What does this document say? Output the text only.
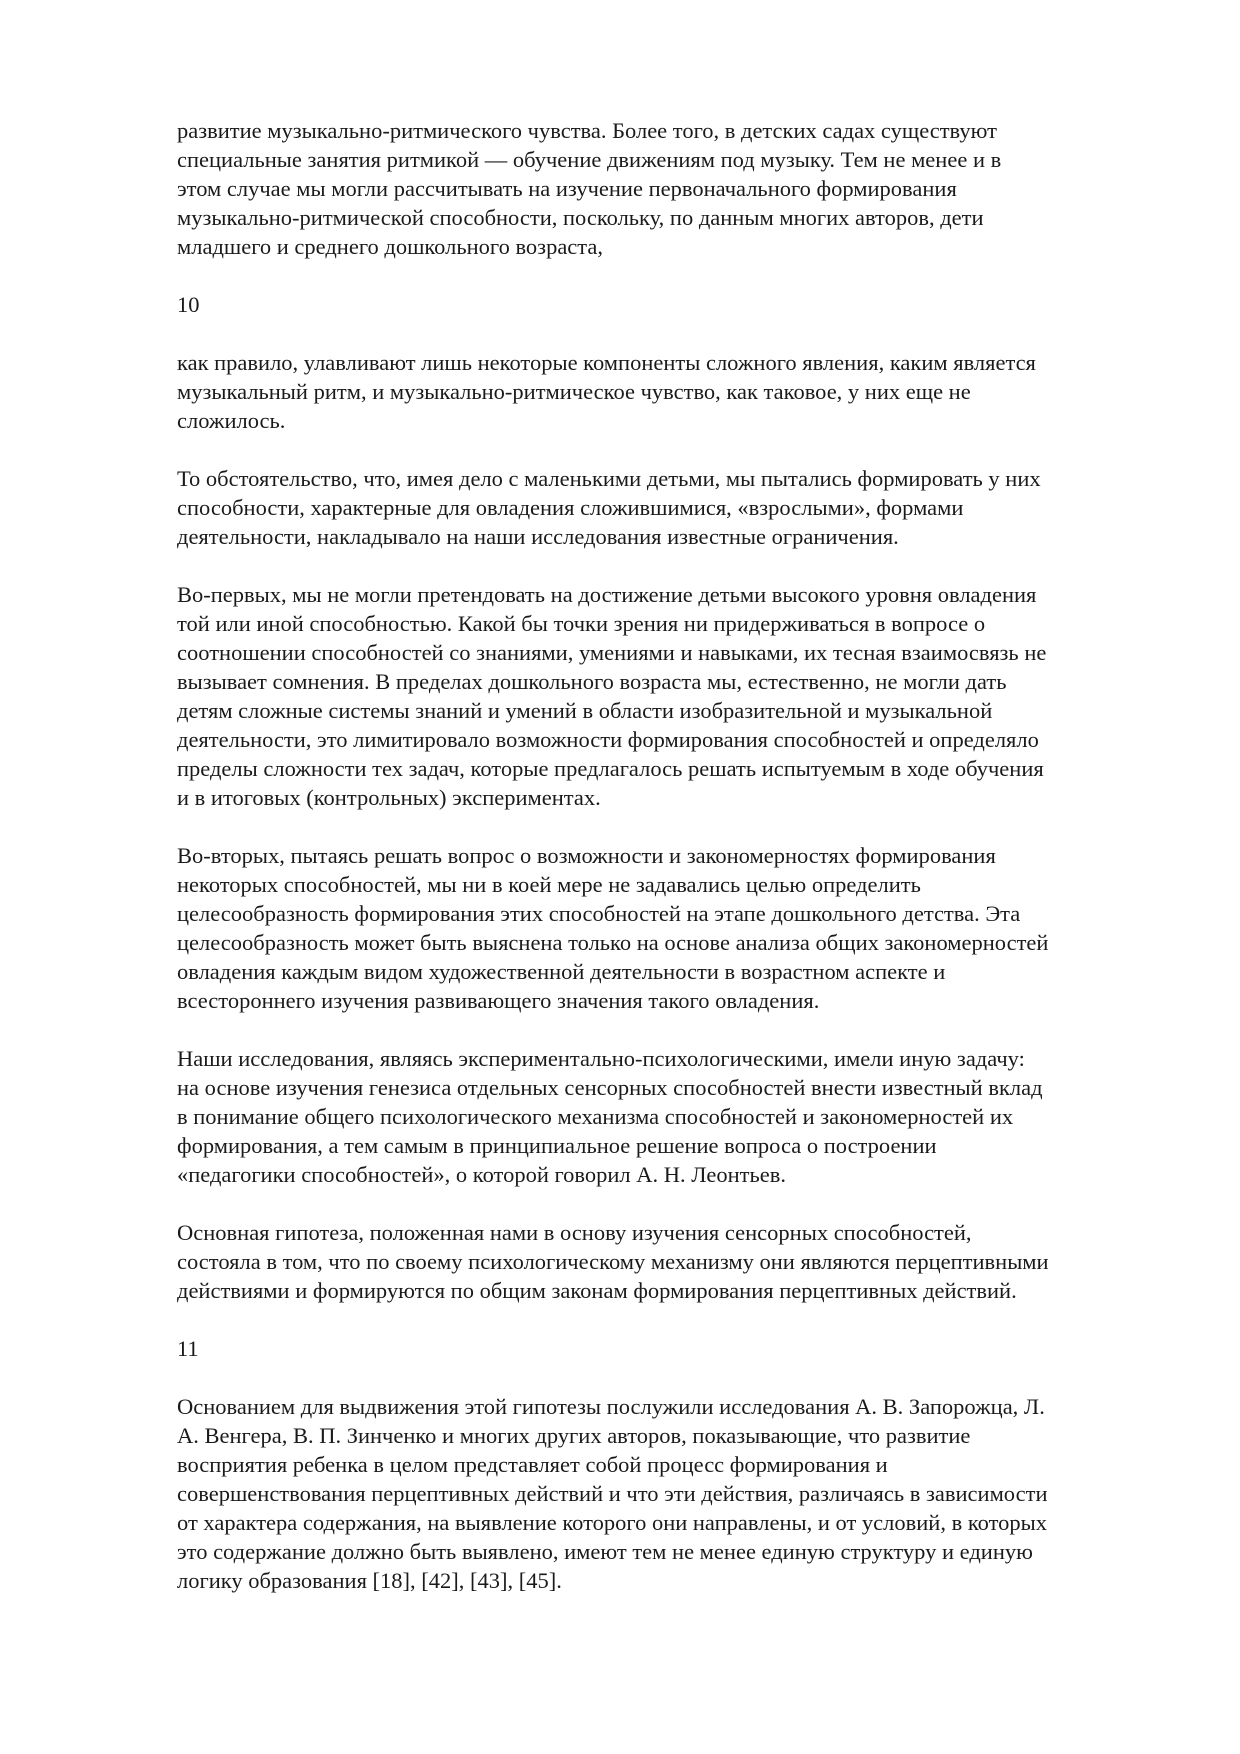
развитие музыкально-ритмического чувства. Более того, в детских садах существуют
специальные занятия ритмикой — обучение движениям под музыку. Тем не менее и в
этом случае мы могли рассчитывать на изучение первоначального формирования
музыкально-ритмической способности, поскольку, по данным многих авторов, дети
младшего и среднего дошкольного возраста,
10
как правило, улавливают лишь некоторые компоненты сложного явления, каким является
музыкальный ритм, и музыкально-ритмическое чувство, как таковое, у них еще не
сложилось.
То обстоятельство, что, имея дело с маленькими детьми, мы пытались формировать у них
способности, характерные для овладения сложившимися, «взрослыми», формами
деятельности, накладывало на наши исследования известные ограничения.
Во-первых, мы не могли претендовать на достижение детьми высокого уровня овладения
той или иной способностью. Какой бы точки зрения ни придерживаться в вопросе о
соотношении способностей со знаниями, умениями и навыками, их тесная взаимосвязь не
вызывает сомнения. В пределах дошкольного возраста мы, естественно, не могли дать
детям сложные системы знаний и умений в области изобразительной и музыкальной
деятельности, это лимитировало возможности формирования способностей и определяло
пределы сложности тех задач, которые предлагалось решать испытуемым в ходе обучения
и в итоговых (контрольных) экспериментах.
Во-вторых, пытаясь решать вопрос о возможности и закономерностях формирования
некоторых способностей, мы ни в коей мере не задавались целью определить
целесообразность формирования этих способностей на этапе дошкольного детства. Эта
целесообразность может быть выяснена только на основе анализа общих закономерностей
овладения каждым видом художественной деятельности в возрастном аспекте и
всестороннего изучения развивающего значения такого овладения.
Наши исследования, являясь экспериментально-психологическими, имели иную задачу:
на основе изучения генезиса отдельных сенсорных способностей внести известный вклад
в понимание общего психологического механизма способностей и закономерностей их
формирования, а тем самым в принципиальное решение вопроса о построении
«педагогики способностей», о которой говорил А. Н. Леонтьев.
Основная гипотеза, положенная нами в основу изучения сенсорных способностей,
состояла в том, что по своему психологическому механизму они являются перцептивными
действиями и формируются по общим законам формирования перцептивных действий.
11
Основанием для выдвижения этой гипотезы послужили исследования А. В. Запорожца, Л.
А. Венгера, В. П. Зинченко и многих других авторов, показывающие, что развитие
восприятия ребенка в целом представляет собой процесс формирования и
совершенствования перцептивных действий и что эти действия, различаясь в зависимости
от характера содержания, на выявление которого они направлены, и от условий, в которых
это содержание должно быть выявлено, имеют тем не менее единую структуру и единую
логику образования [18], [42], [43], [45].
